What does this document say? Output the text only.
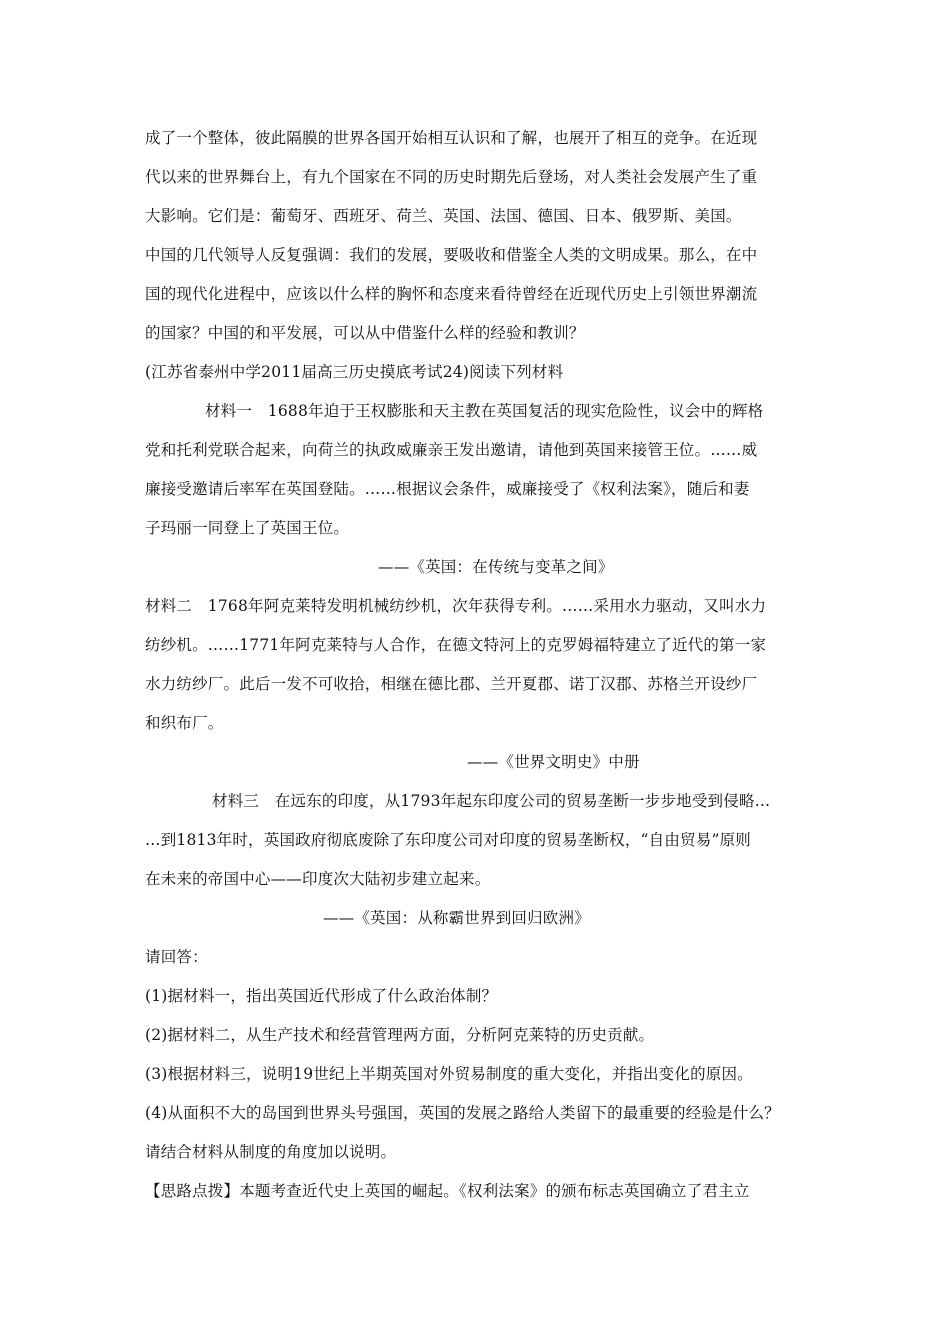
成了一个整体，彼此隔膜的世界各国开始相互认识和了解，也展开了相互的竞争。在近现
代以来的世界舞台上，有九个国家在不同的历史时期先后登场，对人类社会发展产生了重
大影响。它们是：葡萄牙、西班牙、荷兰、英国、法国、德国、日本、俄罗斯、美国。
中国的几代领导人反复强调：我们的发展，要吸收和借鉴全人类的文明成果。那么，在中
国的现代化进程中，应该以什么样的胸怀和态度来看待曾经在近现代历史上引领世界潮流
的国家？中国的和平发展，可以从中借鉴什么样的经验和教训？
(江苏省泰州中学2011届高三历史摸底考试24)阅读下列材料
材料一　1688年迫于王权膨胀和天主教在英国复活的现实危险性，议会中的辉格
党和托利党联合起来，向荷兰的执政威廉亲王发出邀请，请他到英国来接管王位。……威
廉接受邀请后率军在英国登陆。……根据议会条件，威廉接受了《权利法案》，随后和妻
子玛丽一同登上了英国王位。
——《英国：在传统与变革之间》
材料二　1768年阿克莱特发明机械纺纱机，次年获得专利。……采用水力驱动，又叫水力
纺纱机。……1771年阿克莱特与人合作，在德文特河上的克罗姆福特建立了近代的第一家
水力纺纱厂。此后一发不可收拾，相继在德比郡、兰开夏郡、诺丁汉郡、苏格兰开设纱厂
和织布厂。
——《世界文明史》中册
材料三　在远东的印度，从1793年起东印度公司的贸易垄断一步步地受到侵略…
…到1813年时，英国政府彻底废除了东印度公司对印度的贸易垄断权，“自由贸易”原则
在未来的帝国中心——印度次大陆初步建立起来。
——《英国：从称霸世界到回归欧洲》
请回答：
(1)据材料一，指出英国近代形成了什么政治体制？
(2)据材料二，从生产技术和经营管理两方面，分析阿克莱特的历史贡献。
(3)根据材料三，说明19世纪上半期英国对外贸易制度的重大变化，并指出变化的原因。
(4)从面积不大的岛国到世界头号强国，英国的发展之路给人类留下的最重要的经验是什么？
请结合材料从制度的角度加以说明。
【思路点拨】本题考查近代史上英国的崛起。《权利法案》的颁布标志英国确立了君主立
